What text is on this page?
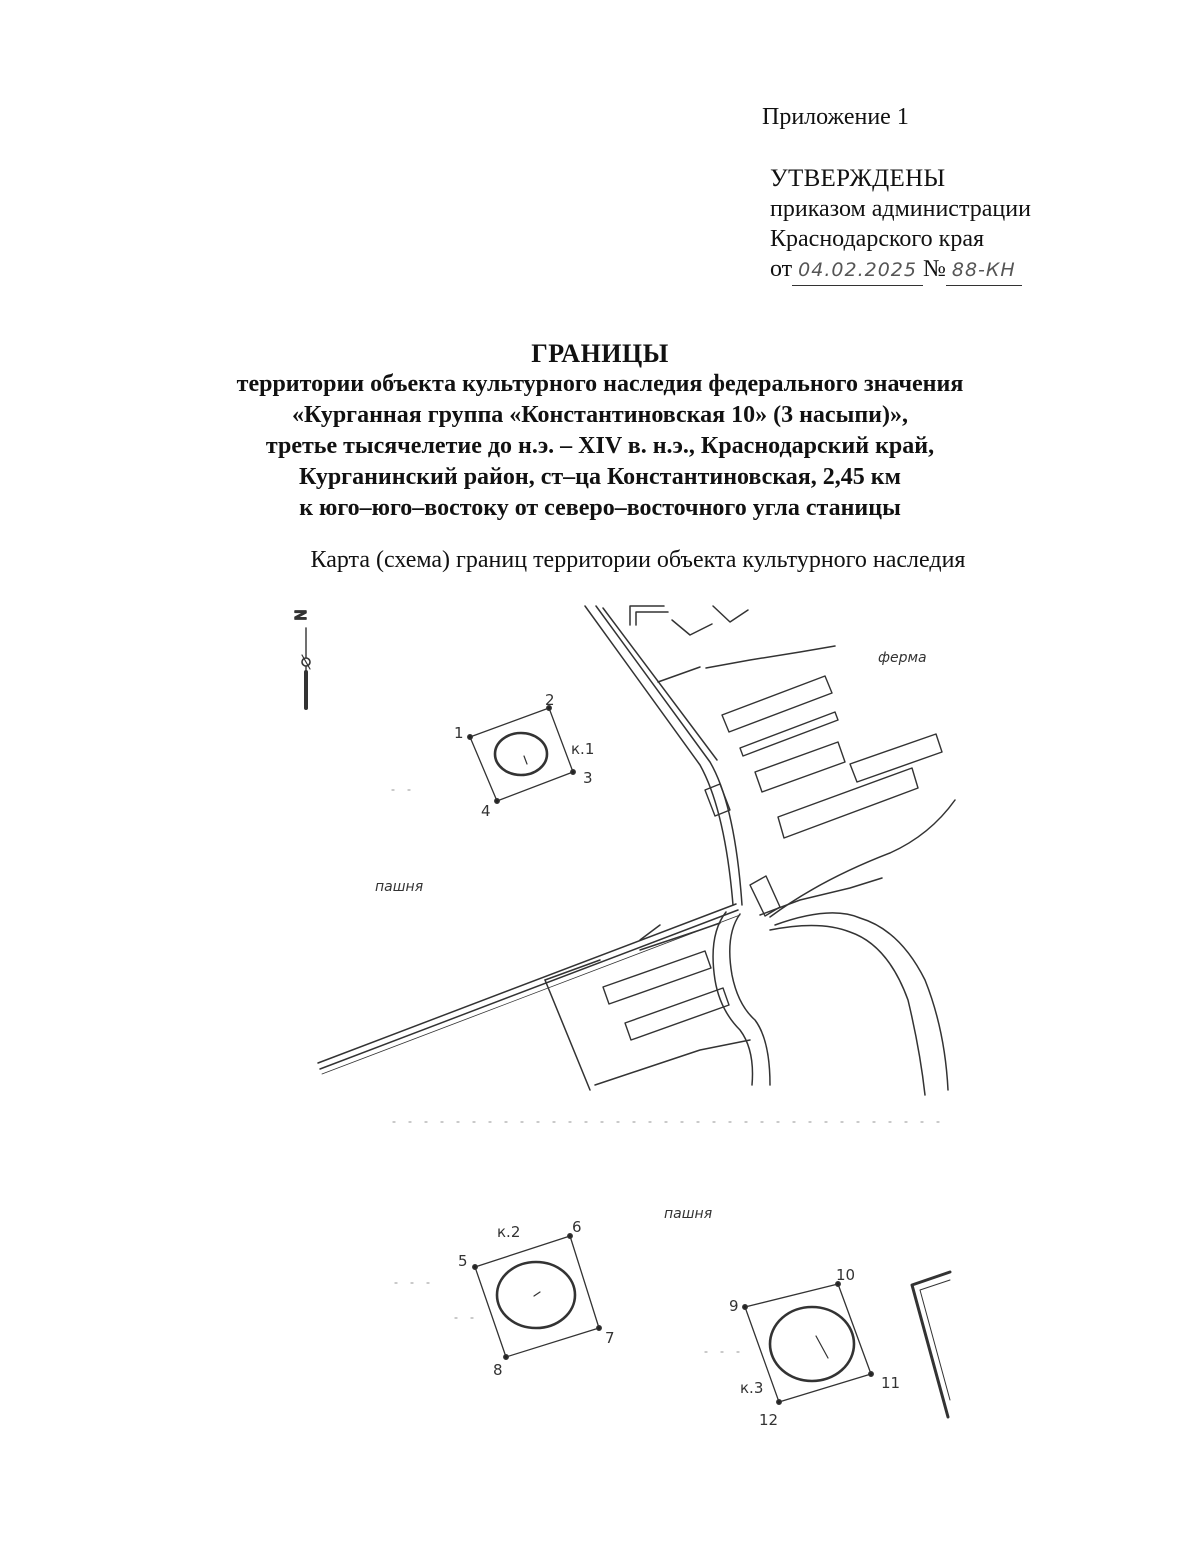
Приложение 1
УТВЕРЖДЕНЫ
приказом администрации
Краснодарского края
от 04.02.2025 № 88-КН
ГРАНИЦЫ
территории объекта культурного наследия федерального значения
«Курганная группа «Константиновская 10» (3 насыпи)»,
третье тысячелетие до н.э. – XIV в. н.э., Краснодарский край,
Курганинский район, ст–ца Константиновская, 2,45 км
к юго–юго–востоку от северо–восточного угла станицы
Карта (схема) границ территории объекта культурного наследия
N
ферма
пашня
пашня
к.1
1
2
3
4
к.2
5
6
7
8
к.3
9
10
11
12
